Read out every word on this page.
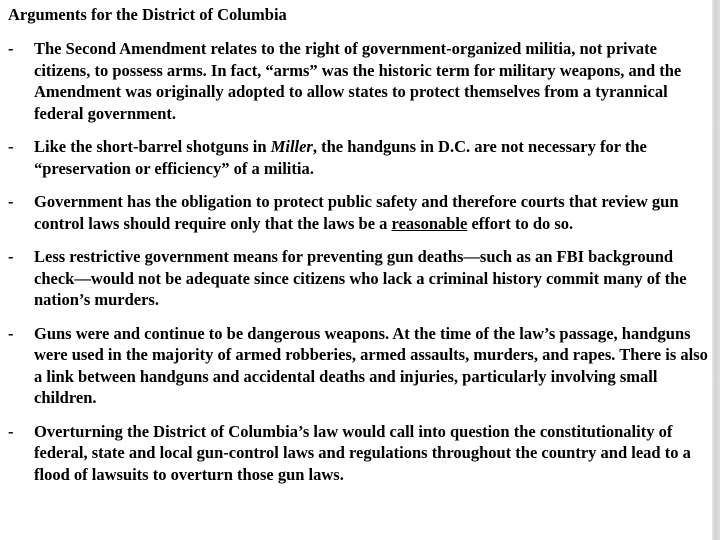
Arguments for the District of Columbia
- The Second Amendment relates to the right of government-organized militia, not private citizens, to possess arms. In fact, “arms” was the historic term for military weapons, and the Amendment was originally adopted to allow states to protect themselves from a tyrannical federal government.
- Like the short-barrel shotguns in Miller, the handguns in D.C. are not necessary for the “preservation or efficiency” of a militia.
- Government has the obligation to protect public safety and therefore courts that review gun control laws should require only that the laws be a reasonable effort to do so.
- Less restrictive government means for preventing gun deaths—such as an FBI background check—would not be adequate since citizens who lack a criminal history commit many of the nation’s murders.
- Guns were and continue to be dangerous weapons. At the time of the law’s passage, handguns were used in the majority of armed robberies, armed assaults, murders, and rapes. There is also a link between handguns and accidental deaths and injuries, particularly involving small children.
- Overturning the District of Columbia’s law would call into question the constitutionality of federal, state and local gun-control laws and regulations throughout the country and lead to a flood of lawsuits to overturn those gun laws.
